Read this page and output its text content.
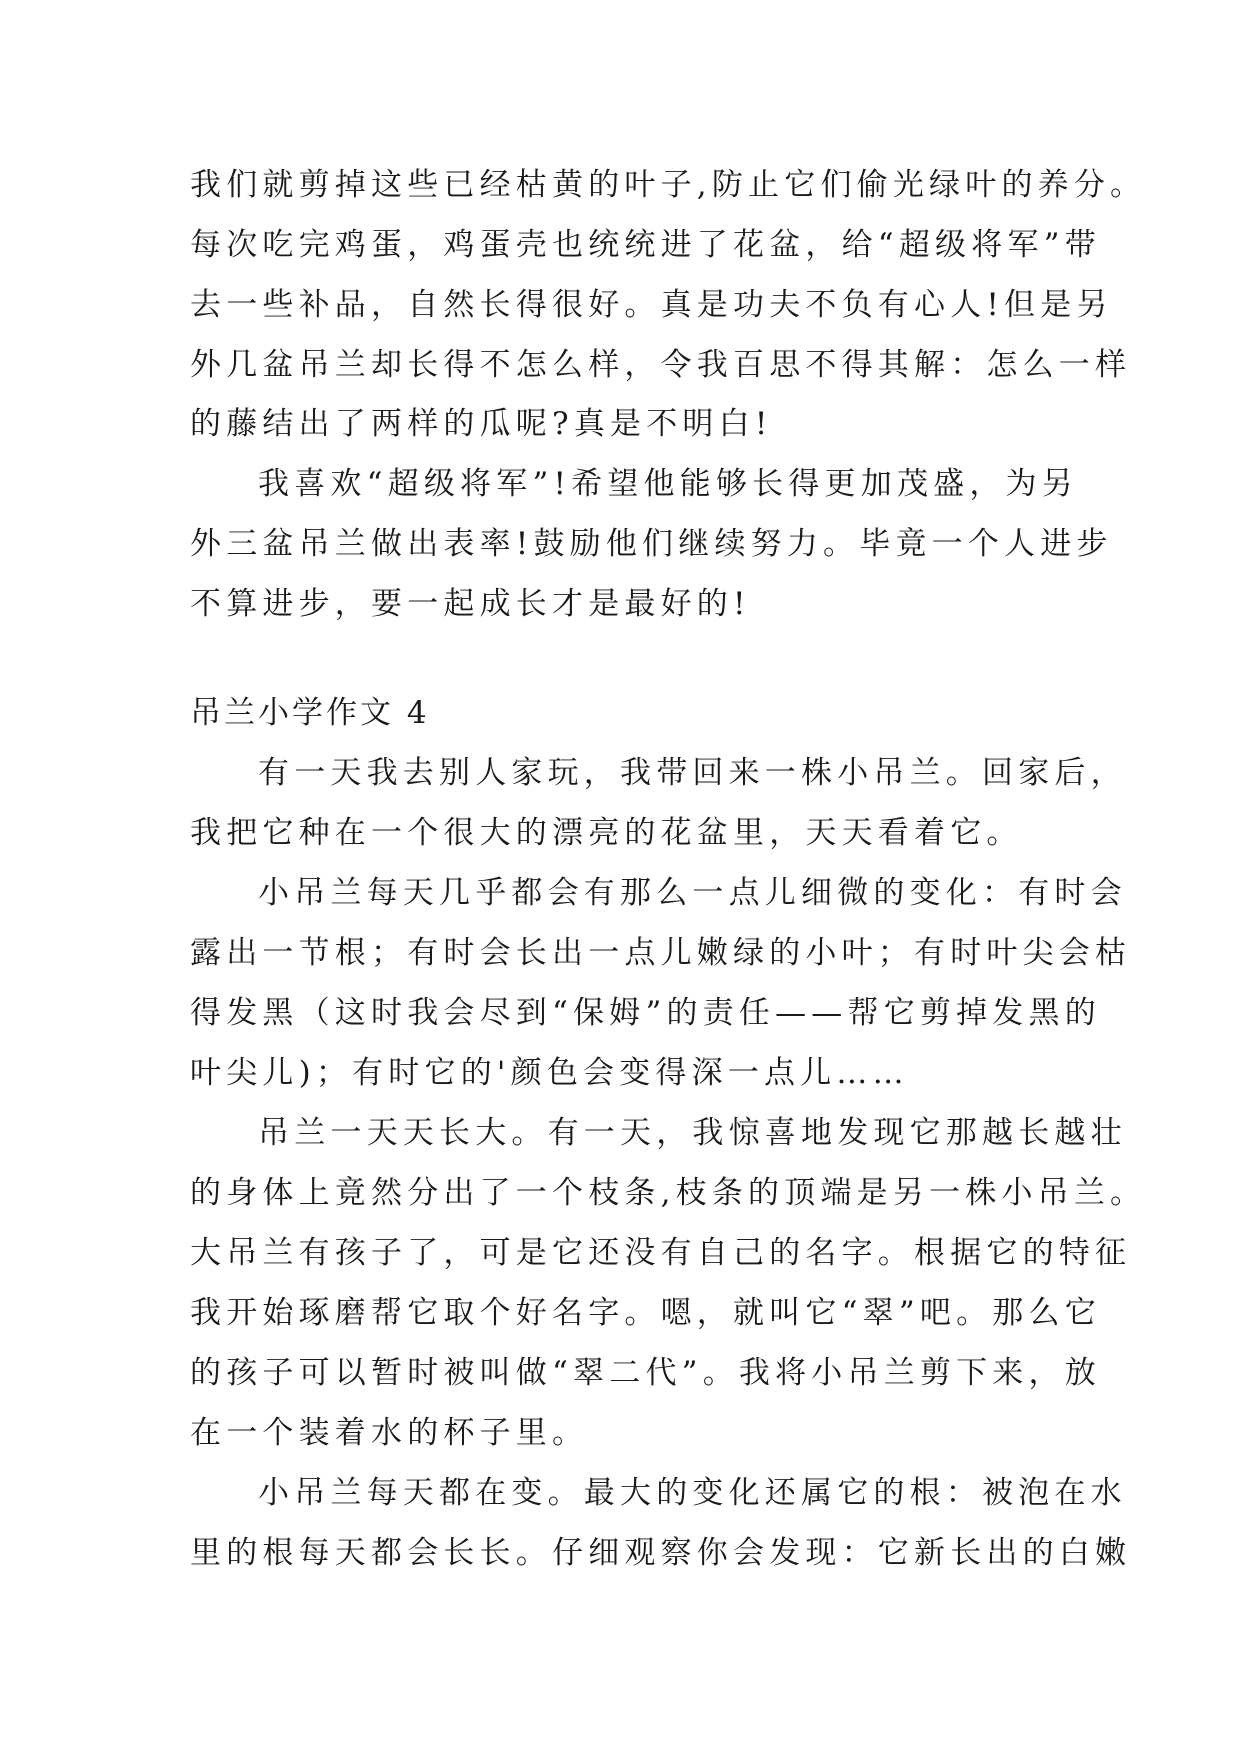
我们就剪掉这些已经枯黄的叶子,防止它们偷光绿叶的养分。
每次吃完鸡蛋，鸡蛋壳也统统进了花盆，给“超级将军”带
去一些补品，自然长得很好。真是功夫不负有心人!但是另
外几盆吊兰却长得不怎么样，令我百思不得其解：怎么一样
的藤结出了两样的瓜呢?真是不明白!
我喜欢“超级将军”!希望他能够长得更加茂盛，为另
外三盆吊兰做出表率!鼓励他们继续努力。毕竟一个人进步
不算进步，要一起成长才是最好的!
吊兰小学作文 4
有一天我去别人家玩，我带回来一株小吊兰。回家后，
我把它种在一个很大的漂亮的花盆里，天天看着它。
小吊兰每天几乎都会有那么一点儿细微的变化：有时会
露出一节根；有时会长出一点儿嫩绿的小叶；有时叶尖会枯
得发黑（这时我会尽到“保姆”的责任——帮它剪掉发黑的
叶尖儿)；有时它的'颜色会变得深一点儿……
吊兰一天天长大。有一天，我惊喜地发现它那越长越壮
的身体上竟然分出了一个枝条,枝条的顶端是另一株小吊兰。
大吊兰有孩子了，可是它还没有自己的名字。根据它的特征
我开始琢磨帮它取个好名字。嗯，就叫它“翠”吧。那么它
的孩子可以暂时被叫做“翠二代”。我将小吊兰剪下来，放
在一个装着水的杯子里。
小吊兰每天都在变。最大的变化还属它的根：被泡在水
里的根每天都会长长。仔细观察你会发现：它新长出的白嫩
